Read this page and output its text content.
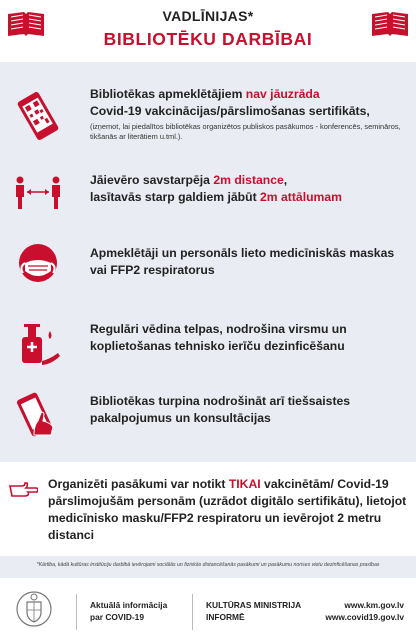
VADLĪNIJAS*
BIBLIOTĒKU DARBĪBAI
Bibliotēkas apmeklētājiem nav jāuzrāda
Covid-19 vakcinācijas/pārslimošanas sertifikāts,
(izņemot, lai piedalītos bibliotēkas organizētos publiskos pasākumos - konferencēs, semināros, tikšanās ar literātiem u.tml.).
Jāievēro savstarpēja 2m distance,
lasītavās starp galdiem jābūt 2m attālumam
Apmeklētāji un personāls lieto medicīniskās maskas vai FFP2 respiratorus
Regulāri vēdina telpas, nodrošina virsmu un koplietošanas tehnisko ierīču dezinficēšanu
Bibliotēkas turpina nodrošināt arī tiešsaistes pakalpojumus un konsultācijas
Organizēti pasākumi var notikt TIKAI vakcinētām/ Covid-19 pārslimojušām personām (uzrādot digitālo sertifikātu), lietojot medicīnisko masku/FFP2 respiratoru un ievērojot 2 metru distanci
*Kārtība, kādā kultūras institūciju darbībā ievērojami sociālās un fiziskās distancēšanās pasākumi un pasākumu norises vietu dezinficēšanas prasības
Aktuālā informācija
par COVID-19
KULTŪRAS MINISTRIJA
INFORMĒ
www.km.gov.lv
www.covid19.gov.lv
